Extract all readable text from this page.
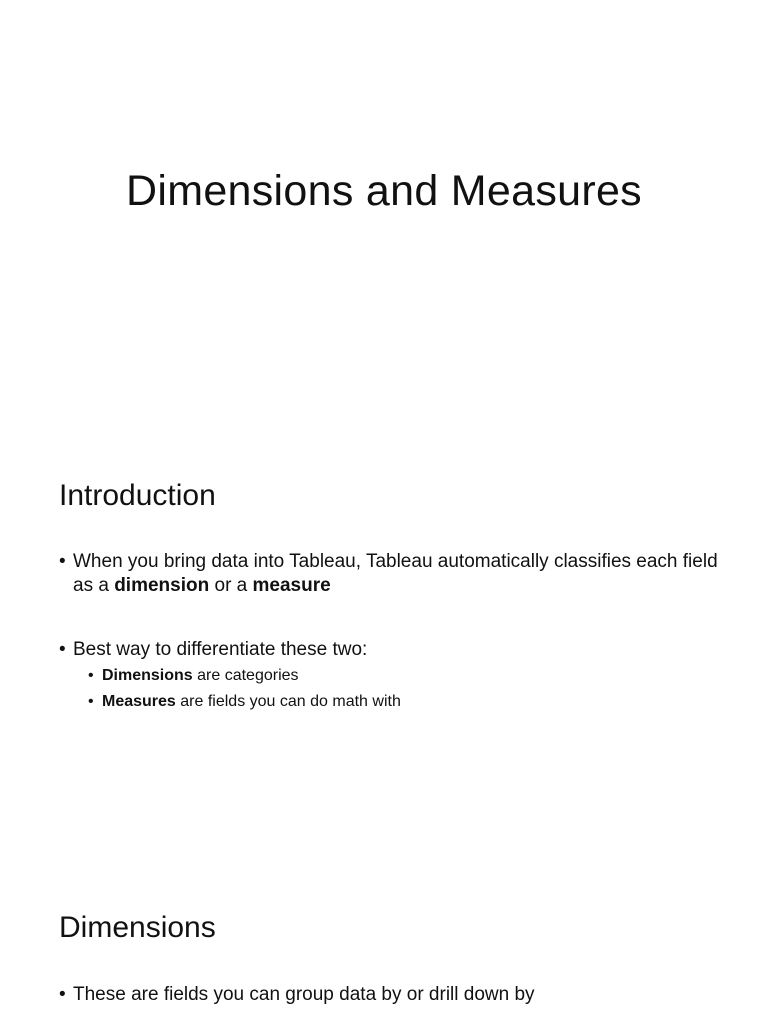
Dimensions and Measures
Introduction
• When you bring data into Tableau, Tableau automatically classifies each field as a dimension or a measure
• Best way to differentiate these two:
• Dimensions are categories
• Measures are fields you can do math with
Dimensions
• These are fields you can group data by or drill down by
